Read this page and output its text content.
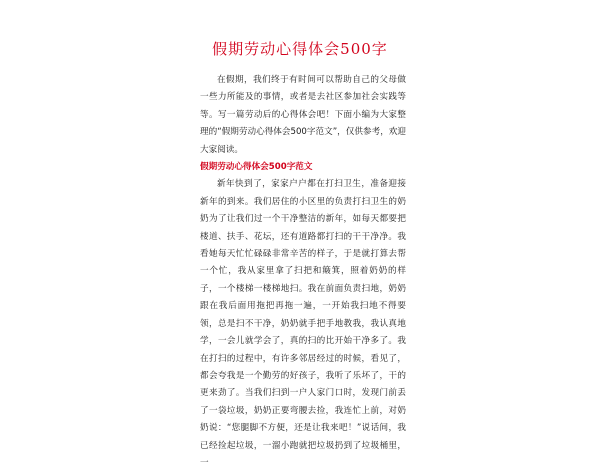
假期劳动心得体会500字

在假期，我们终于有时间可以帮助自己的父母做一些力所能及的事情，或者是去社区参加社会实践等等。写一篇劳动后的心得体会吧！下面小编为大家整理的“假期劳动心得体会500字范文”，仅供参考，欢迎大家阅读。

假期劳动心得体会500字范文

新年快到了，家家户户都在打扫卫生，准备迎接新年的到来。我们居住的小区里的负责打扫卫生的奶奶为了让我们过一个干净整洁的新年，如每天都要把楼道、扶手、花坛，还有道路都打扫的干干净净。我看她每天忙忙碌碌非常辛苦的样子，于是就打算去帮一个忙，我从家里拿了扫把和簸箕，照着奶奶的样子，一个楼梯一楼梯地扫。我在前面负责扫地，奶奶跟在我后面用拖把再拖一遍，一开始我扫地不得要领，总是扫不干净，奶奶就手把手地教我，我认真地学，一会儿就学会了，真的扫的比开始干净多了。我在打扫的过程中，有许多邻居经过的时候，看见了，都会夸我是一个勤劳的好孩子，我听了乐坏了，干的更来劲了。当我们扫到一户人家门口时，发现门前丢了一袋垃圾，奶奶正要弯腰去捡，我连忙上前，对奶奶说：“您腿脚不方便，还是让我来吧！”说话间，我已经捡起垃圾，一溜小跑就把垃圾扔到了垃圾桶里，一
